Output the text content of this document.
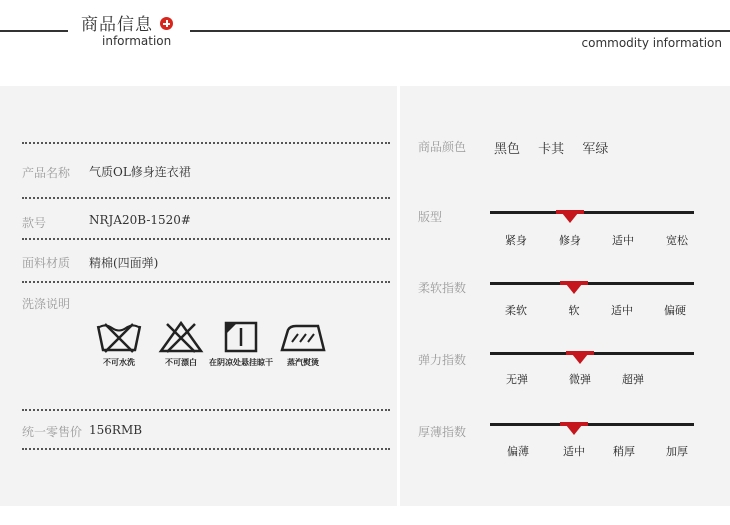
商品信息
information	commodity information
产品名称 气质OL修身连衣裙
款号	NRJA20B-1520#
面料材质 精棉(四面弹)
洗涤说明
不可水洗	不可漂白	在阴凉处悬挂晾干	蒸汽熨烫
统一零售价 156RMB
商品颜色 黑色 卡其 军绿
版型
紧身	修身	适中	宽松
柔软指数
柔软	软	适中	偏硬
弹力指数
无弹	微弹	超弹
厚薄指数
偏薄	适中	稍厚	加厚
